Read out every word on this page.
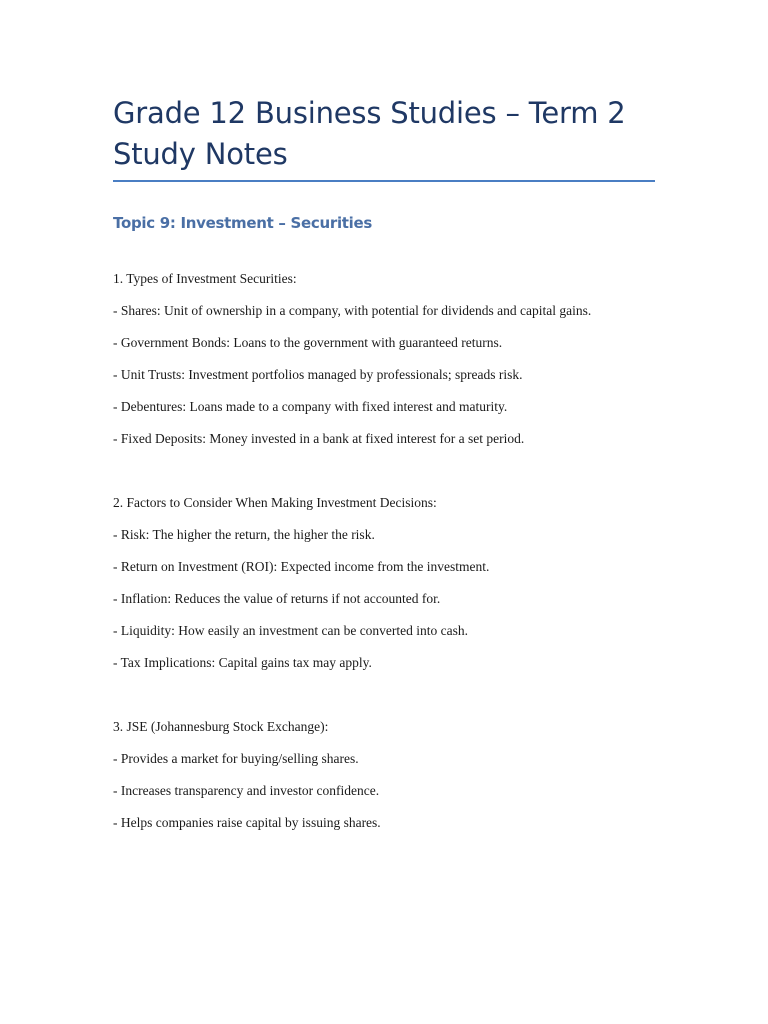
Grade 12 Business Studies – Term 2
Study Notes
Topic 9: Investment – Securities

1. Types of Investment Securities:

- Shares: Unit of ownership in a company, with potential for dividends and capital gains.

- Government Bonds: Loans to the government with guaranteed returns.

- Unit Trusts: Investment portfolios managed by professionals; spreads risk.

- Debentures: Loans made to a company with fixed interest and maturity.

- Fixed Deposits: Money invested in a bank at fixed interest for a set period.

2. Factors to Consider When Making Investment Decisions:

- Risk: The higher the return, the higher the risk.

- Return on Investment (ROI): Expected income from the investment.

- Inflation: Reduces the value of returns if not accounted for.

- Liquidity: How easily an investment can be converted into cash.

- Tax Implications: Capital gains tax may apply.

3. JSE (Johannesburg Stock Exchange):

- Provides a market for buying/selling shares.

- Increases transparency and investor confidence.

- Helps companies raise capital by issuing shares.
